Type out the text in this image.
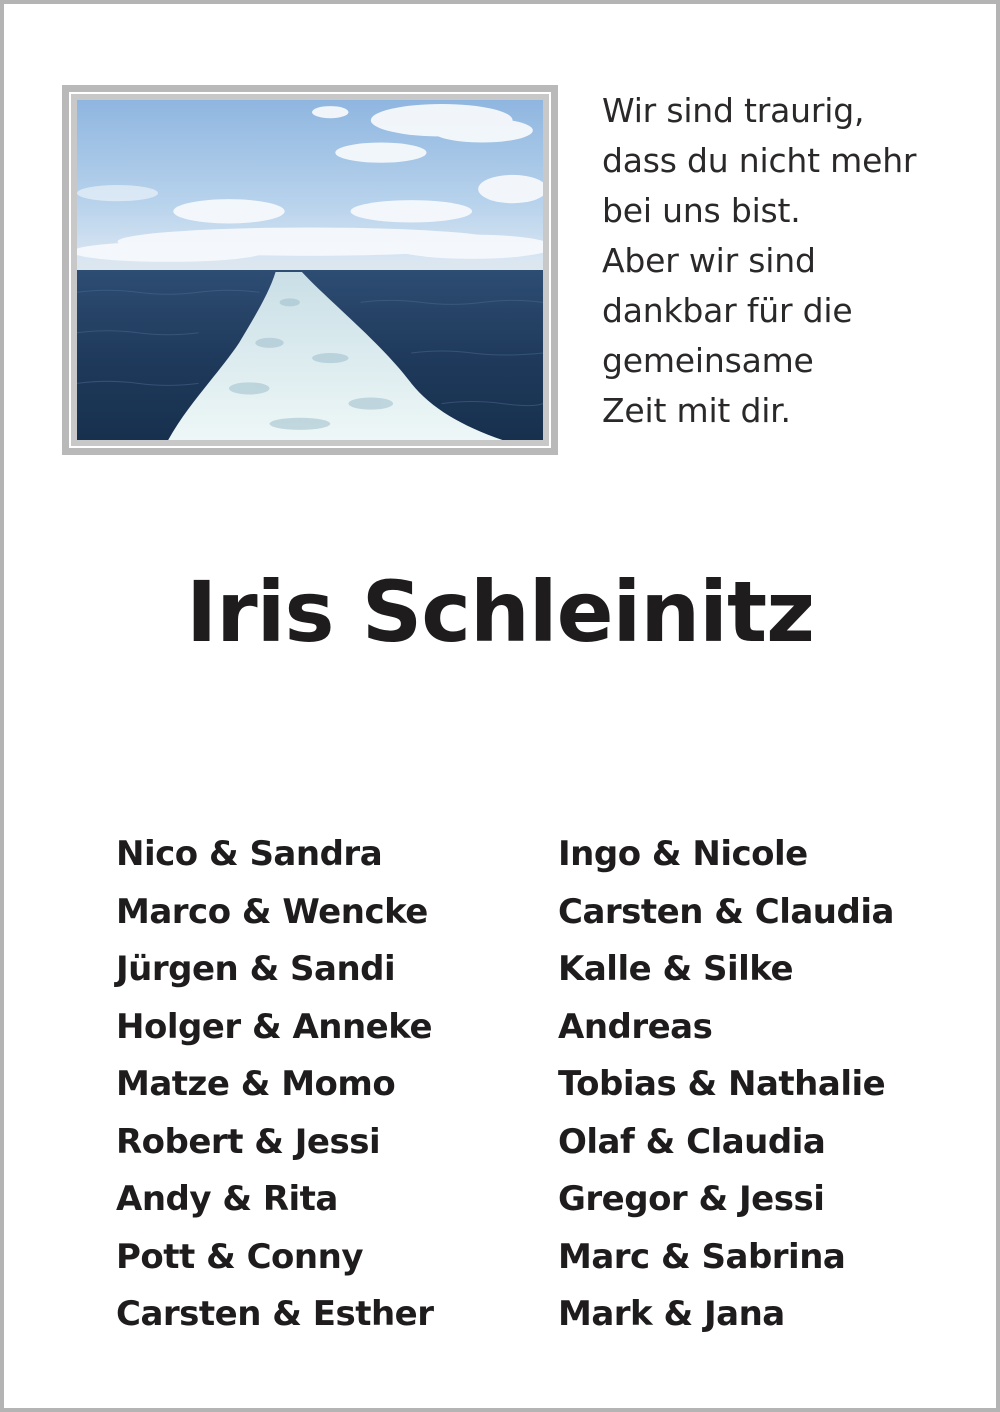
Wir sind traurig,
dass du nicht mehr
bei uns bist.
Aber wir sind
dankbar für die
gemeinsame
Zeit mit dir.
Iris Schleinitz
Nico & Sandra
Marco & Wencke
Jürgen & Sandi
Holger & Anneke
Matze & Momo
Robert & Jessi
Andy & Rita
Pott & Conny
Carsten & Esther
Ingo & Nicole
Carsten & Claudia
Kalle & Silke
Andreas
Tobias & Nathalie
Olaf & Claudia
Gregor & Jessi
Marc & Sabrina
Mark & Jana
